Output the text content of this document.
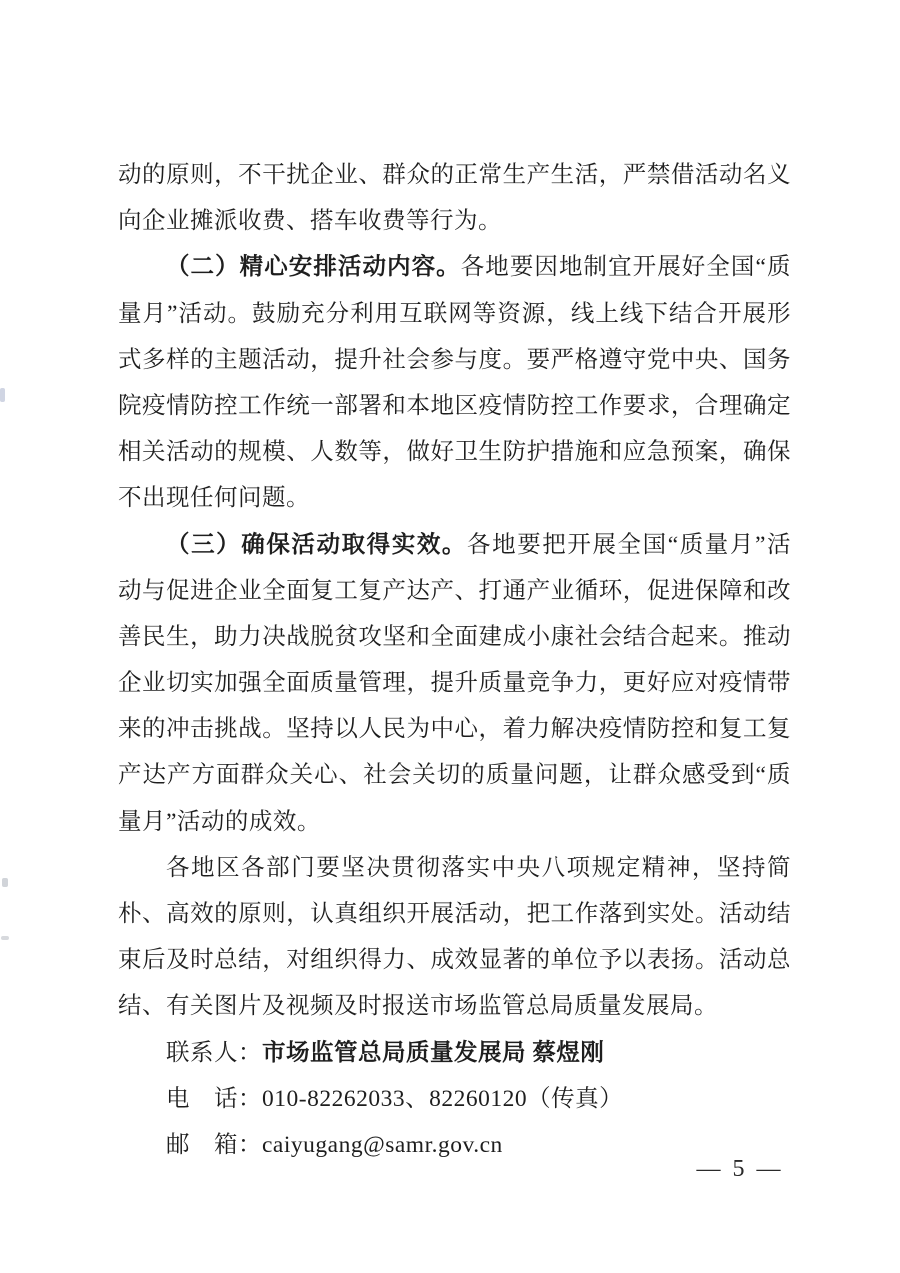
动的原则，不干扰企业、群众的正常生产生活，严禁借活动名义
向企业摊派收费、搭车收费等行为。
（二）精心安排活动内容。各地要因地制宜开展好全国“质
量月”活动。鼓励充分利用互联网等资源，线上线下结合开展形
式多样的主题活动，提升社会参与度。要严格遵守党中央、国务
院疫情防控工作统一部署和本地区疫情防控工作要求，合理确定
相关活动的规模、人数等，做好卫生防护措施和应急预案，确保
不出现任何问题。
（三）确保活动取得实效。各地要把开展全国“质量月”活
动与促进企业全面复工复产达产、打通产业循环，促进保障和改
善民生，助力决战脱贫攻坚和全面建成小康社会结合起来。推动
企业切实加强全面质量管理，提升质量竞争力，更好应对疫情带
来的冲击挑战。坚持以人民为中心，着力解决疫情防控和复工复
产达产方面群众关心、社会关切的质量问题，让群众感受到“质
量月”活动的成效。
各地区各部门要坚决贯彻落实中央八项规定精神，坚持简
朴、高效的原则，认真组织开展活动，把工作落到实处。活动结
束后及时总结，对组织得力、成效显著的单位予以表扬。活动总
结、有关图片及视频及时报送市场监管总局质量发展局。
联系人：市场监管总局质量发展局 蔡煜刚
电　话：010-82262033、82260120（传真）
邮　箱：caiyugang@samr.gov.cn
— 5 —
